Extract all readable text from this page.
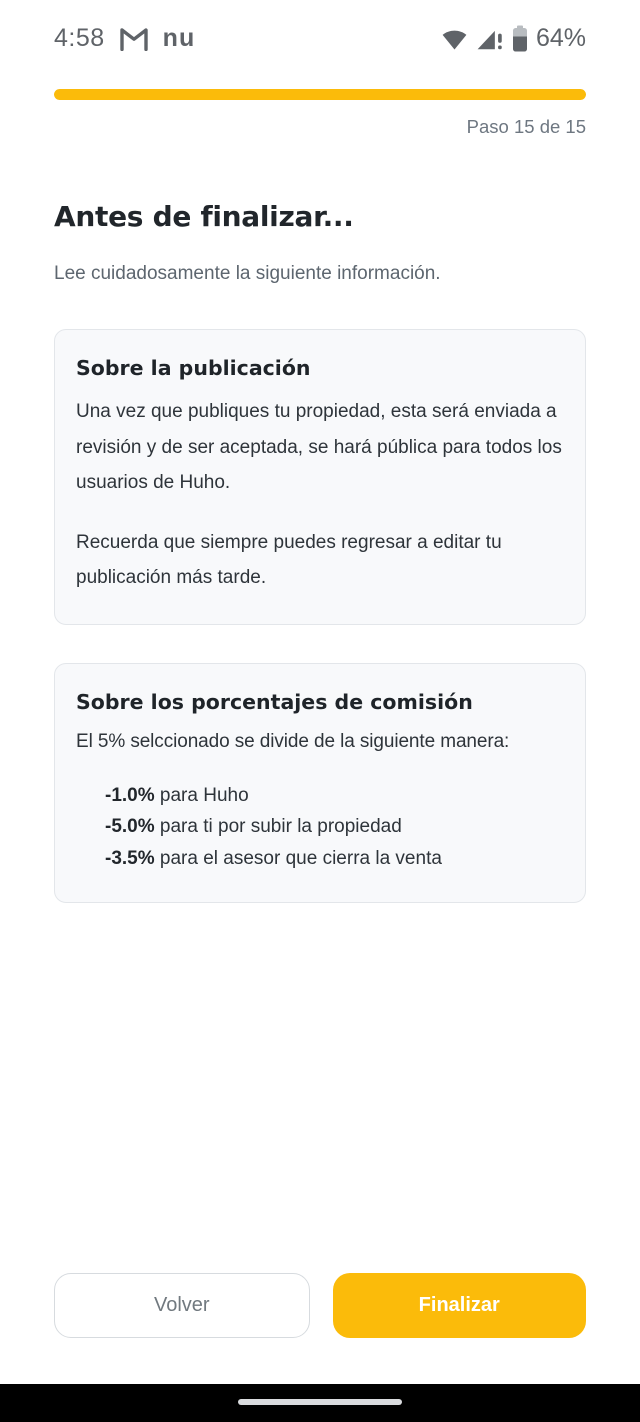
4:58 nu	64%
Paso 15 de 15
Antes de finalizar...

Lee cuidadosamente la siguiente información.

Sobre la publicación

Una vez que publiques tu propiedad, esta será enviada a revisión y de ser aceptada, se hará pública para todos los usuarios de Huho.

Recuerda que siempre puedes regresar a editar tu publicación más tarde.

Sobre los porcentajes de comisión

El 5% selccionado se divide de la siguiente manera:

-1.0% para Huho
-5.0% para ti por subir la propiedad
-3.5% para el asesor que cierra la venta
Volver	Finalizar
